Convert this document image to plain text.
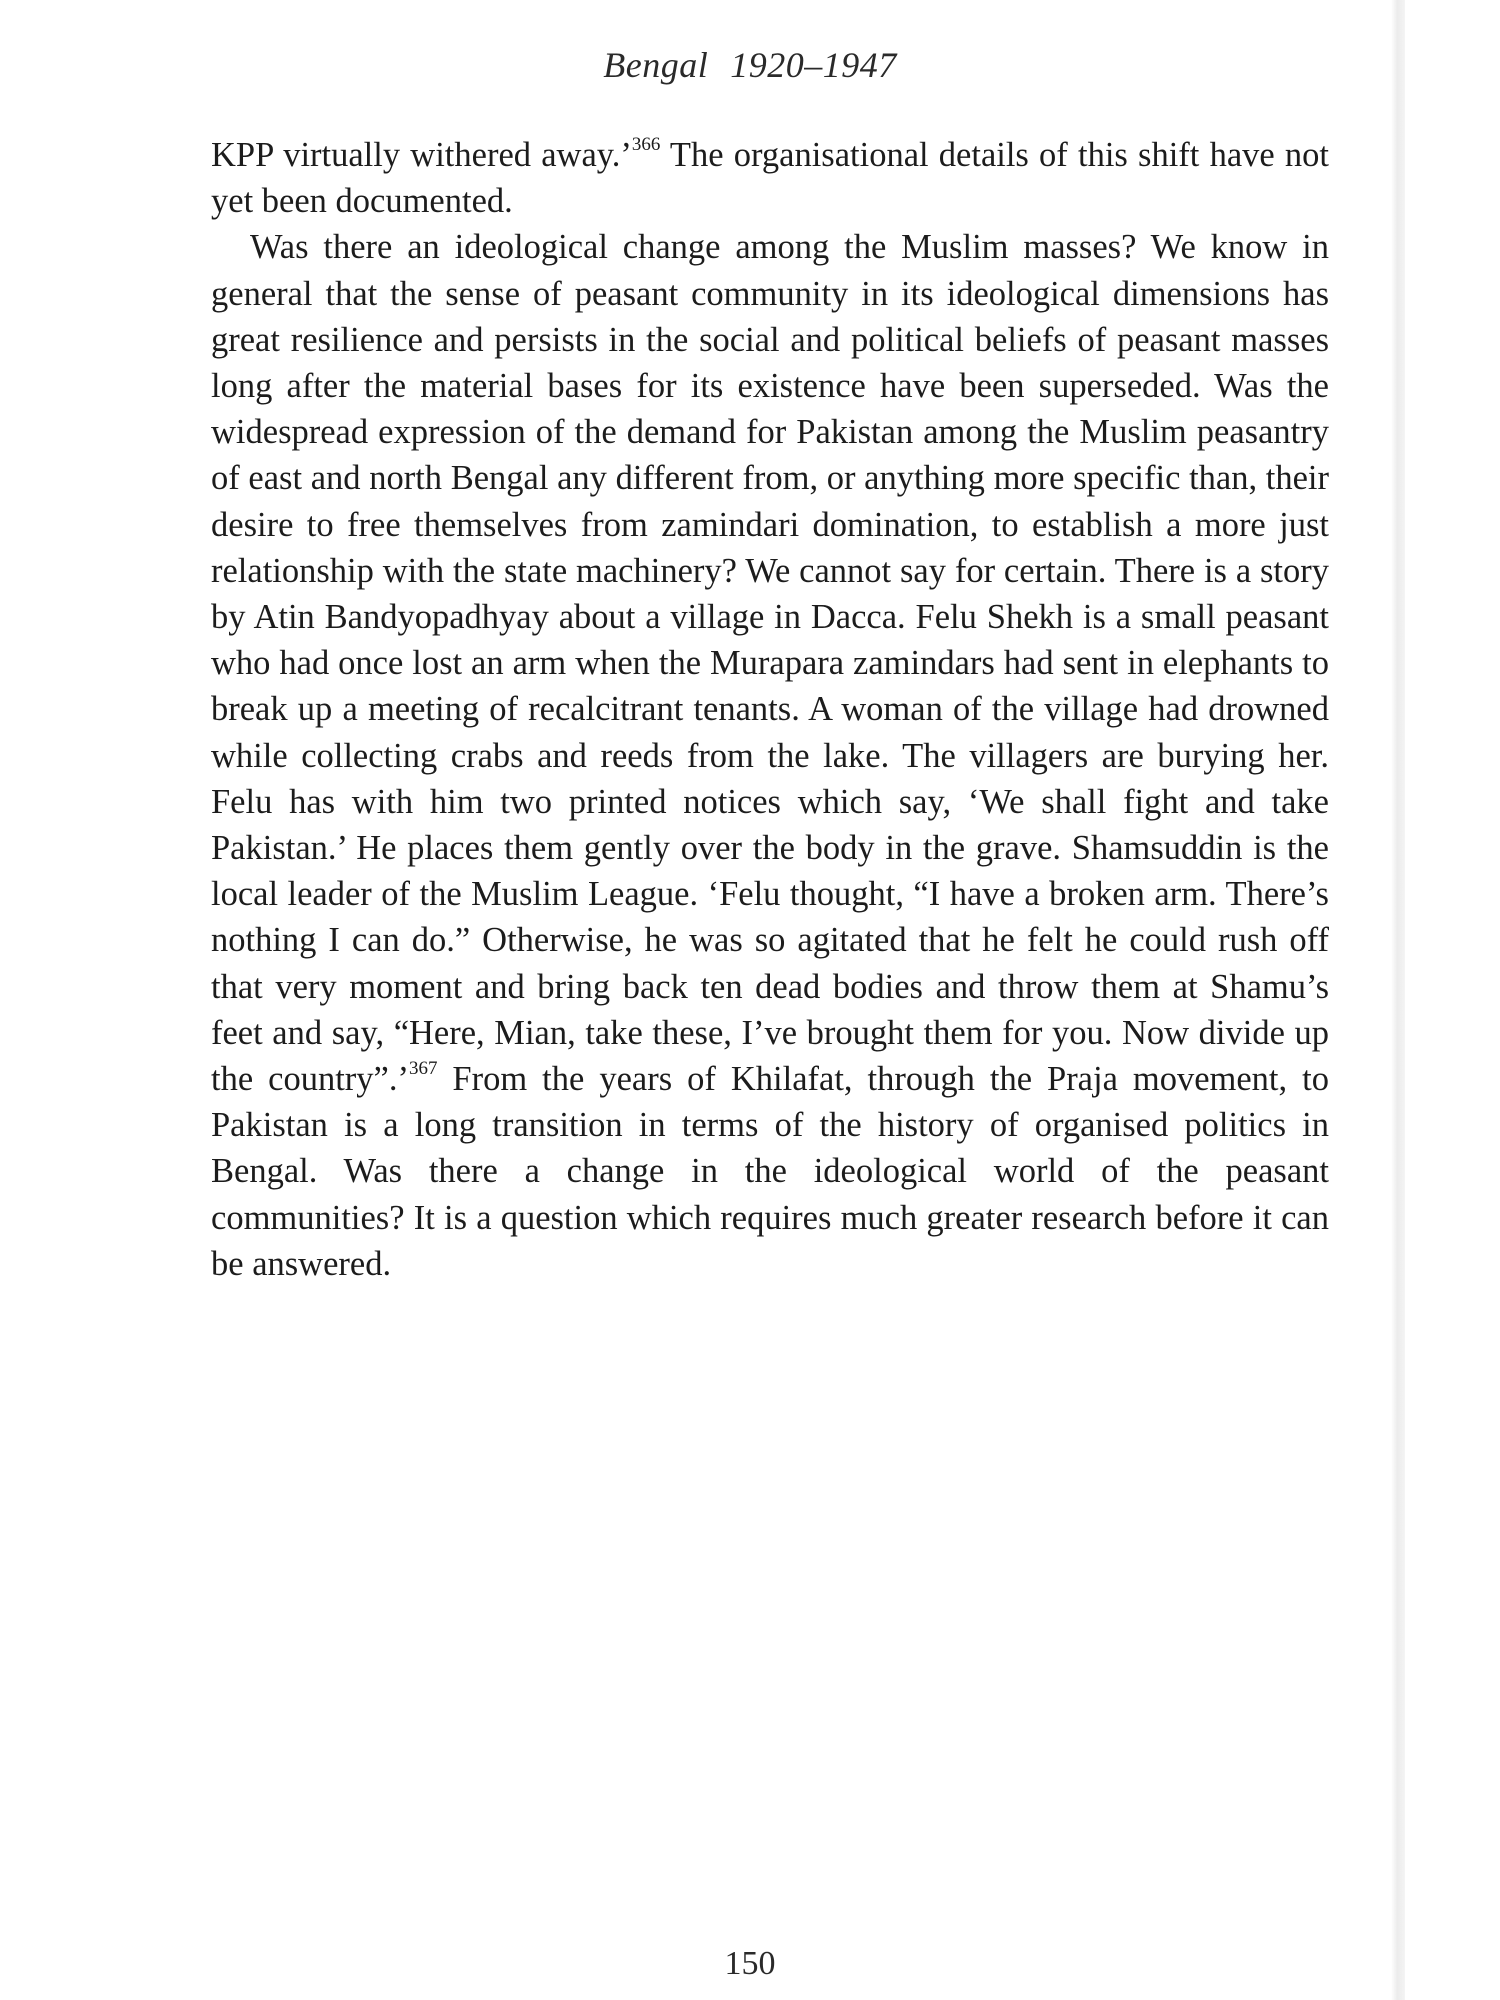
Bengal 1920–1947

KPP virtually withered away.’$^{366}$ The organisational details of this shift have not yet been documented.

Was there an ideological change among the Muslim masses? We know in general that the sense of peasant community in its ideological dimensions has great resilience and persists in the social and political beliefs of peasant masses long after the material bases for its existence have been superseded. Was the widespread expression of the demand for Pakistan among the Muslim peasantry of east and north Bengal any different from, or anything more specific than, their desire to free themselves from zamindari domination, to establish a more just relationship with the state machinery? We cannot say for certain. There is a story by Atin Bandyopadhyay about a village in Dacca. Felu Shekh is a small peasant who had once lost an arm when the Murapara zamindars had sent in elephants to break up a meeting of recalcitrant tenants. A woman of the village had drowned while collecting crabs and reeds from the lake. The villagers are burying her. Felu has with him two printed notices which say, ‘We shall fight and take Pakistan.’ He places them gently over the body in the grave. Shamsuddin is the local leader of the Muslim League. ‘Felu thought, “I have a broken arm. There’s nothing I can do.” Otherwise, he was so agitated that he felt he could rush off that very moment and bring back ten dead bodies and throw them at Shamu’s feet and say, “Here, Mian, take these, I’ve brought them for you. Now divide up the country”.’$^{367}$ From the years of Khilafat, through the Praja movement, to Pakistan is a long transition in terms of the history of organised politics in Bengal. Was there a change in the ideological world of the peasant communities? It is a question which requires much greater research before it can be answered.

150
